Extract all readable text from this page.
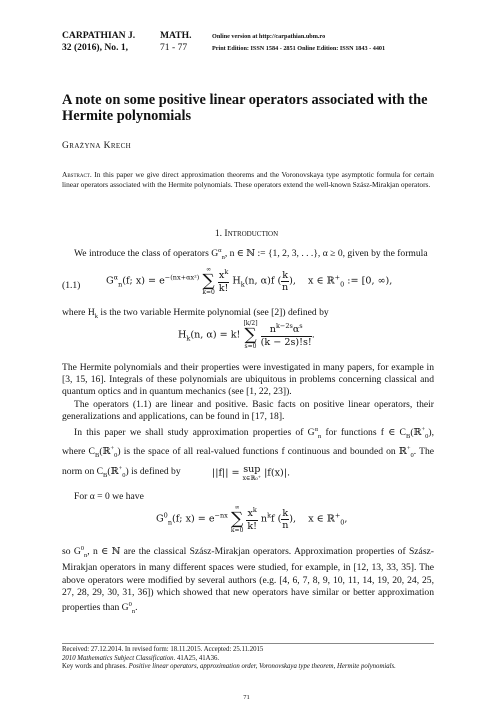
CARPATHIAN J.
32 (2016), No. 1,
MATH.
71 - 77
Online version at http://carpathian.ubm.ro
Print Edition: ISSN 1584 - 2851 Online Edition: ISSN 1843 - 4401
A note on some positive linear operators associated with the Hermite polynomials
Grażyna Krech
Abstract. In this paper we give direct approximation theorems and the Voronovskaya type asymptotic formula for certain linear operators associated with the Hermite polynomials. These operators extend the well-known Szász-Mirakjan operators.
1. Introduction
We introduce the class of operators $G^\alpha_n$, n ∈ ℕ := {1, 2, 3, . . .}, α ≥ 0, given by the formula
(1.1)	$G^\alpha_n(f$; $x) = e^{-(nx+\alpha x^2)}$
∞
∑
k=0
$\frac{x^k}{k!} H_k(n$, α)f ( $\frac{k}{n}$ ),    x ∈ ℝ+$_0$ := [0, ∞),
where $H_k$ is the two variable Hermite polynomial (see [2]) defined by
$H_k(n$, α) = k!
[k/2]
∑
s=0
$\frac{n^{k-2s}\alpha^s}{(k - 2s)!s!}$ .
The Hermite polynomials and their properties were investigated in many papers, for example in [3, 15, 16]. Integrals of these polynomials are ubiquitous in problems concerning classical and quantum optics and in quantum mechanics (see [1, 22, 23]).
The operators (1.1) are linear and positive. Basic facts on positive linear operators, their generalizations and applications, can be found in [17, 18].
In this paper we shall study approximation properties of $G^\alpha_n$ for functions f ∈ $C_B(ℝ^+_0)$, where $C_B(ℝ^+_0)$ is the space of all real-valued functions f continuous and bounded on ℝ+$_0$. The norm on $C_B(ℝ^+_0)$ is defined by	||f|| = sup
x∈ℝ₀⁺ |f(x)|.
For α = 0 we have
$G^0_n(f$; $x) = e^{-nx}$
∞
∑
k=0
$\frac{x^k}{k!} n^kf$ ( $\frac{k}{n}$ ),    x ∈ ℝ+$_0$,
so $G^0_n$, n ∈ ℕ are the classical Szász-Mirakjan operators. Approximation properties of Szász-Mirakjan operators in many different spaces were studied, for example, in [12, 13, 33, 35]. The above operators were modified by several authors (e.g. [4, 6, 7, 8, 9, 10, 11, 14, 19, 20, 24, 25, 27, 28, 29, 30, 31, 36]) which showed that new operators have similar or better approximation properties than $G^0_n$.
Received: 27.12.2014. In revised form: 18.11.2015. Accepted: 25.11.2015
2010 Mathematics Subject Classification. 41A25, 41A36.
Key words and phrases. Positive linear operators, approximation order, Voronovskaya type theorem, Hermite polynomials.
71
